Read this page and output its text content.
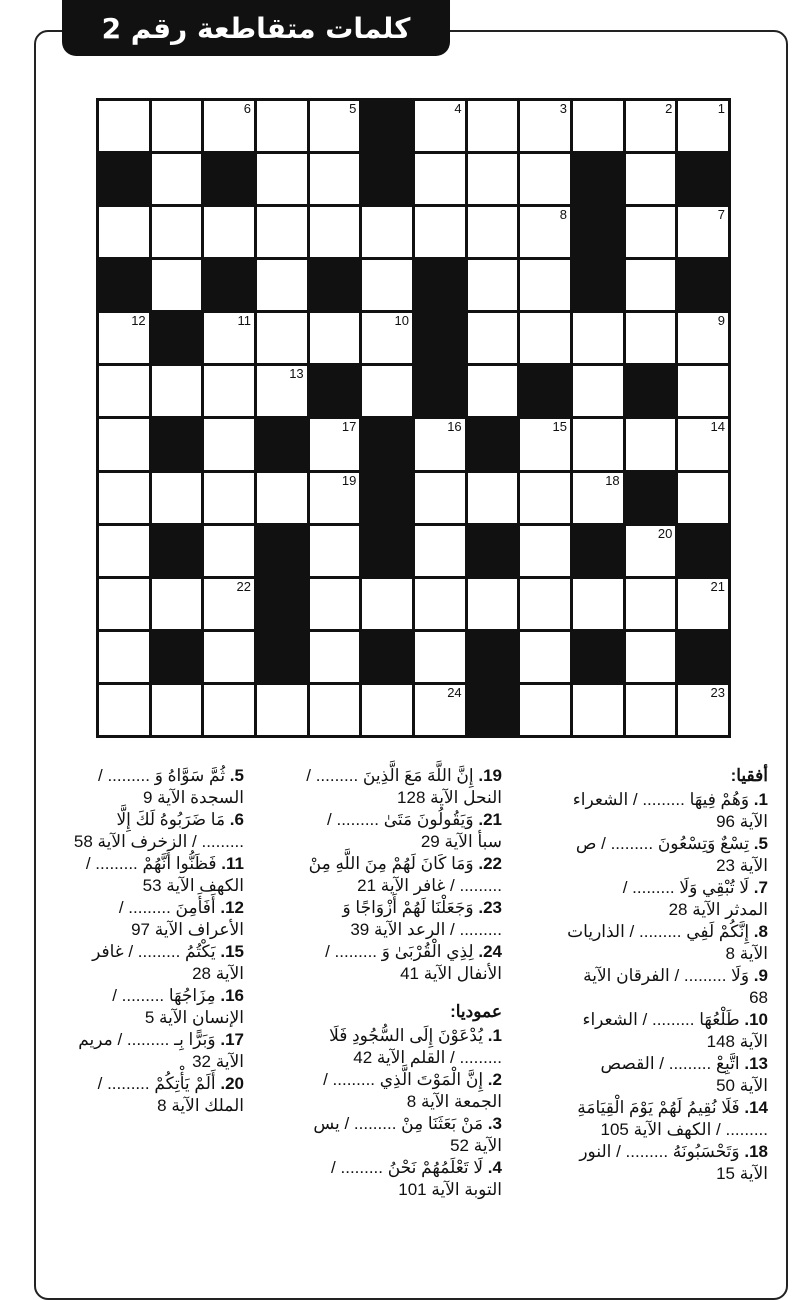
كلمات متقاطعة رقم 2
6	5	4	3	2	1
8	7
12	11	10	9
13
17	16	15	14
19	18
20
22	21
24	23
أفقيا:
1. وَهُمْ فِيهَا ......... / الشعراء
الآية 96
5. تِسْعٌ وَتِسْعُونَ ......... / ص
الآية 23
7. لَا تُبْقِي وَلَا ......... /
المدثر الآية 28
8. إِنَّكُمْ لَفِي ......... / الذاريات
الآية 8
9. وَلَا ......... / الفرقان الآية
68
10. طَلْعُهَا ......... / الشعراء
الآية 148
13. اتَّبِعْ ......... / القصص
الآية 50
14. فَلَا نُقِيمُ لَهُمْ يَوْمَ الْقِيَامَةِ
......... / الكهف الآية 105
18. وَتَحْسَبُونَهُ ......... / النور
الآية 15
19. إِنَّ اللَّهَ مَعَ الَّذِينَ ......... /
النحل الآية 128
21. وَيَقُولُونَ مَتَىٰ ......... /
سبأ الآية 29
22. وَمَا كَانَ لَهُمْ مِنَ اللَّهِ مِنْ
......... / غافر الآية 21
23. وَجَعَلْنَا لَهُمْ أَزْوَاجًا وَ
......... / الرعد الآية 39
24. لِذِي الْقُرْبَىٰ وَ ......... /
الأنفال الآية 41
عموديا:
1. يُدْعَوْنَ إِلَى السُّجُودِ فَلَا
......... / القلم الآية 42
2. إِنَّ الْمَوْتَ الَّذِي ......... /
الجمعة الآية 8
3. مَنْ بَعَثَنَا مِنْ ......... / يس
الآية 52
4. لَا تَعْلَمُهُمْ نَحْنُ ......... /
التوبة الآية 101
5. ثُمَّ سَوَّاهُ وَ ......... /
السجدة الآية 9
6. مَا ضَرَبُوهُ لَكَ إِلَّا
......... / الزخرف الآية 58
11. فَظَنُّوا أَنَّهُمْ ......... /
الكهف الآية 53
12. أَفَأَمِنَ ......... /
الأعراف الآية 97
15. يَكْتُمُ ......... / غافر
الآية 28
16. مِزَاجُهَا ......... /
الإنسان الآية 5
17. وَبَرًّا بِـ ......... / مريم
الآية 32
20. أَلَمْ يَأْتِكُمْ ......... /
الملك الآية 8
